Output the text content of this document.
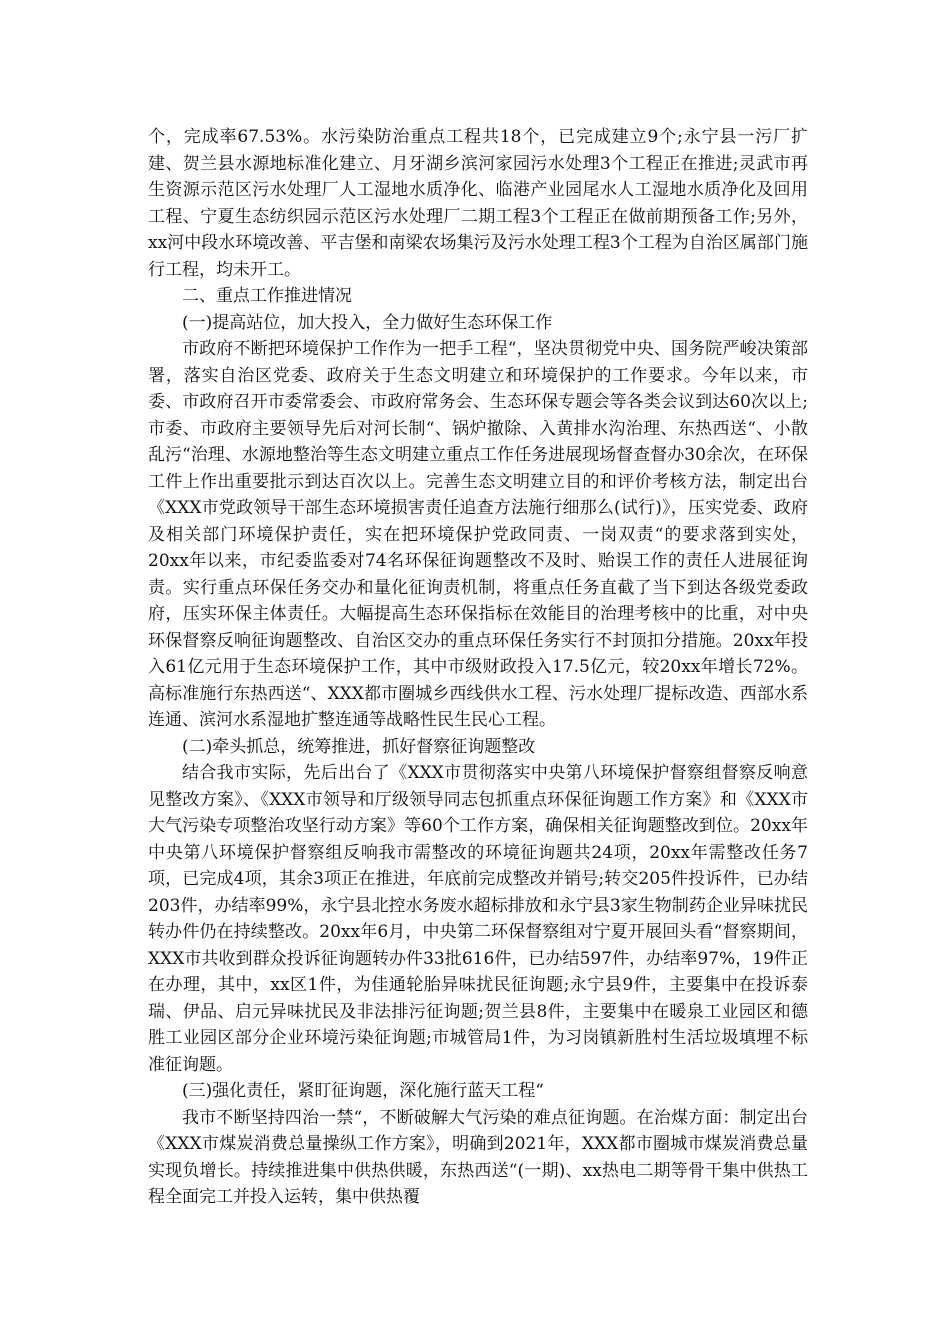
个，完成率67.53%。水污染防治重点工程共18个，已完成建立9个;永宁县一污厂扩建、贺兰县水源地标准化建立、月牙湖乡滨河家园污水处理3个工程正在推进;灵武市再生资源示范区污水处理厂人工湿地水质净化、临港产业园尾水人工湿地水质净化及回用工程、宁夏生态纺织园示范区污水处理厂二期工程3个工程正在做前期预备工作;另外，xx河中段水环境改善、平吉堡和南梁农场集污及污水处理工程3个工程为自治区属部门施行工程，均未开工。

二、重点工作推进情况

(一)提高站位，加大投入，全力做好生态环保工作

市政府不断把环境保护工作作为一把手工程“，坚决贯彻党中央、国务院严峻决策部署，落实自治区党委、政府关于生态文明建立和环境保护的工作要求。今年以来，市委、市政府召开市委常委会、市政府常务会、生态环保专题会等各类会议到达60次以上;市委、市政府主要领导先后对河长制“、锅炉撤除、入黄排水沟治理、东热西送“、小散乱污“治理、水源地整治等生态文明建立重点工作任务进展现场督查督办30余次，在环保工件上作出重要批示到达百次以上。完善生态文明建立目的和评价考核方法，制定出台《XXX市党政领导干部生态环境损害责任追查方法施行细那么(试行)》，压实党委、政府及相关部门环境保护责任，实在把环境保护党政同责、一岗双责“的要求落到实处，20xx年以来，市纪委监委对74名环保征询题整改不及时、贻误工作的责任人进展征询责。实行重点环保任务交办和量化征询责机制，将重点任务直截了当下到达各级党委政府，压实环保主体责任。大幅提高生态环保指标在效能目的治理考核中的比重，对中央环保督察反响征询题整改、自治区交办的重点环保任务实行不封顶扣分措施。20xx年投入61亿元用于生态环境保护工作，其中市级财政投入17.5亿元，较20xx年增长72%。高标准施行东热西送“、XXX都市圈城乡西线供水工程、污水处理厂提标改造、西部水系连通、滨河水系湿地扩整连通等战略性民生民心工程。

(二)牵头抓总，统筹推进，抓好督察征询题整改

结合我市实际，先后出台了《XXX市贯彻落实中央第八环境保护督察组督察反响意见整改方案》、《XXX市领导和厅级领导同志包抓重点环保征询题工作方案》和《XXX市大气污染专项整治攻坚行动方案》等60个工作方案，确保相关征询题整改到位。20xx年中央第八环境保护督察组反响我市需整改的环境征询题共24项，20xx年需整改任务7项，已完成4项，其余3项正在推进，年底前完成整改并销号;转交205件投诉件，已办结203件，办结率99%，永宁县北控水务废水超标排放和永宁县3家生物制药企业异味扰民转办件仍在持续整改。20xx年6月，中央第二环保督察组对宁夏开展回头看“督察期间，XXX市共收到群众投诉征询题转办件33批616件，已办结597件，办结率97%，19件正在办理，其中，xx区1件，为佳通轮胎异味扰民征询题;永宁县9件，主要集中在投诉泰瑞、伊品、启元异味扰民及非法排污征询题;贺兰县8件，主要集中在暖泉工业园区和德胜工业园区部分企业环境污染征询题;市城管局1件，为习岗镇新胜村生活垃圾填埋不标准征询题。

(三)强化责任，紧盯征询题，深化施行蓝天工程“

我市不断坚持四治一禁“，不断破解大气污染的难点征询题。在治煤方面：制定出台《XXX市煤炭消费总量操纵工作方案》，明确到2021年，XXX都市圈城市煤炭消费总量实现负增长。持续推进集中供热供暖，东热西送“(一期)、xx热电二期等骨干集中供热工程全面完工并投入运转，集中供热覆
